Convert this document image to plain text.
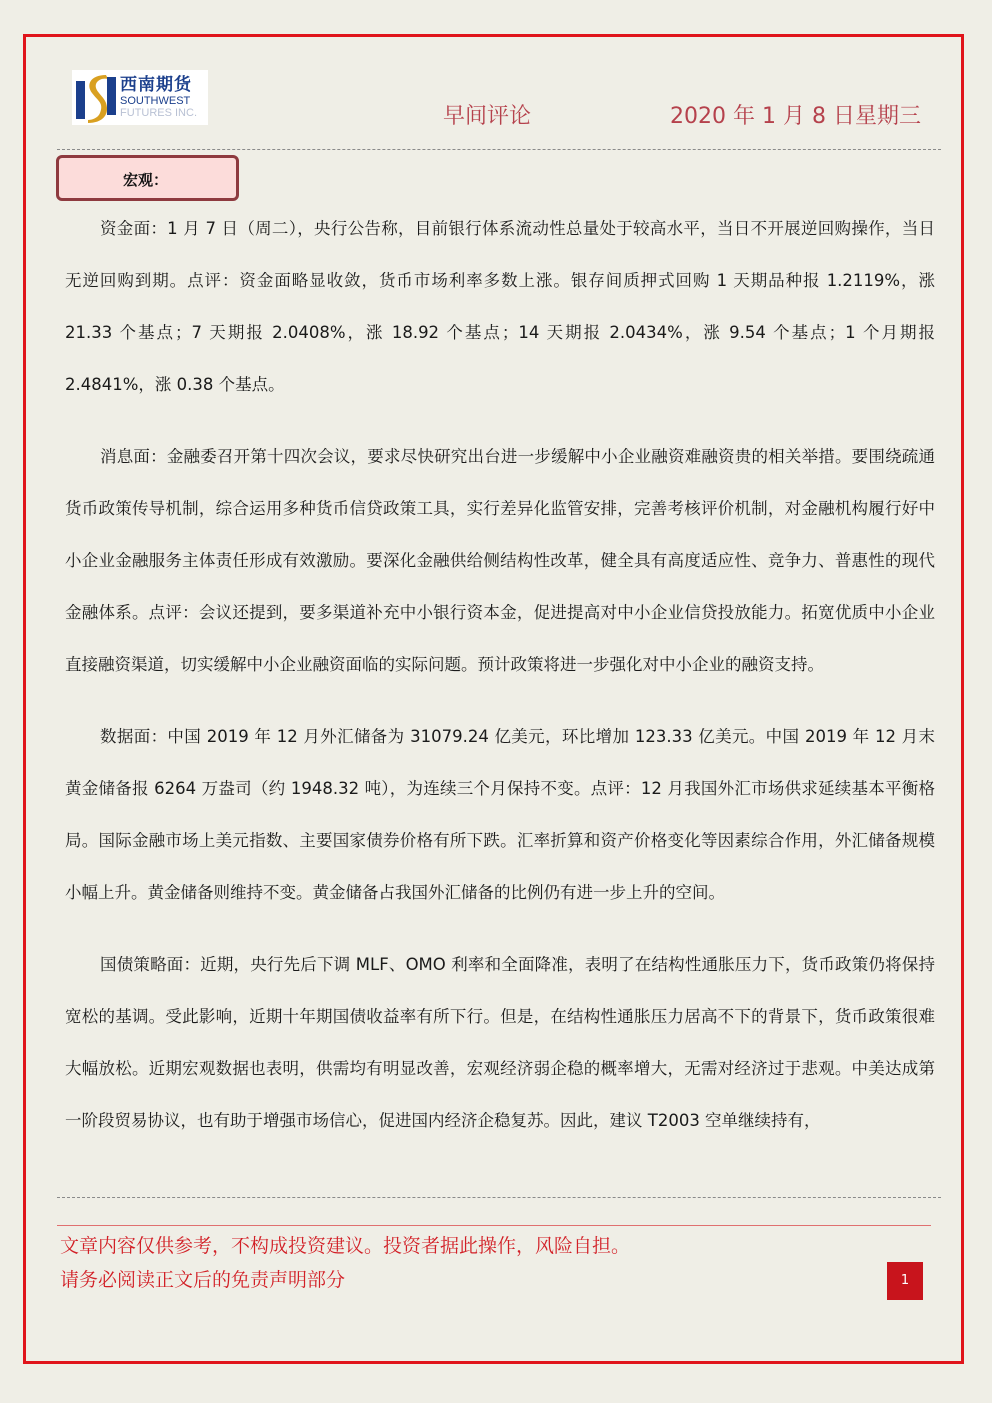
西南期货
SOUTHWEST
FUTURES INC.	早间评论	2020 年 1 月 8 日星期三
宏观：

资金面：1 月 7 日（周二），央行公告称，目前银行体系流动性总量处于较高水平，当日不开展逆回购操作，当日无逆回购到期。点评：资金面略显收敛，货币市场利率多数上涨。银存间质押式回购 1 天期品种报 1.2119%，涨 21.33 个基点；7 天期报 2.0408%，涨 18.92 个基点；14 天期报 2.0434%，涨 9.54 个基点；1 个月期报 2.4841%，涨 0.38 个基点。

消息面：金融委召开第十四次会议，要求尽快研究出台进一步缓解中小企业融资难融资贵的相关举措。要围绕疏通货币政策传导机制，综合运用多种货币信贷政策工具，实行差异化监管安排，完善考核评价机制，对金融机构履行好中小企业金融服务主体责任形成有效激励。要深化金融供给侧结构性改革，健全具有高度适应性、竞争力、普惠性的现代金融体系。点评：会议还提到，要多渠道补充中小银行资本金，促进提高对中小企业信贷投放能力。拓宽优质中小企业直接融资渠道，切实缓解中小企业融资面临的实际问题。预计政策将进一步强化对中小企业的融资支持。

数据面：中国 2019 年 12 月外汇储备为 31079.24 亿美元，环比增加 123.33 亿美元。中国 2019 年 12 月末黄金储备报 6264 万盎司（约 1948.32 吨），为连续三个月保持不变。点评：12 月我国外汇市场供求延续基本平衡格局。国际金融市场上美元指数、主要国家债券价格有所下跌。汇率折算和资产价格变化等因素综合作用，外汇储备规模小幅上升。黄金储备则维持不变。黄金储备占我国外汇储备的比例仍有进一步上升的空间。

国债策略面：近期，央行先后下调 MLF、OMO 利率和全面降准，表明了在结构性通胀压力下，货币政策仍将保持宽松的基调。受此影响，近期十年期国债收益率有所下行。但是，在结构性通胀压力居高不下的背景下，货币政策很难大幅放松。近期宏观数据也表明，供需均有明显改善，宏观经济弱企稳的概率增大，无需对经济过于悲观。中美达成第一阶段贸易协议，也有助于增强市场信心，促进国内经济企稳复苏。因此，建议 T2003 空单继续持有，

文章内容仅供参考，不构成投资建议。投资者据此操作，风险自担。
请务必阅读正文后的免责声明部分	1
